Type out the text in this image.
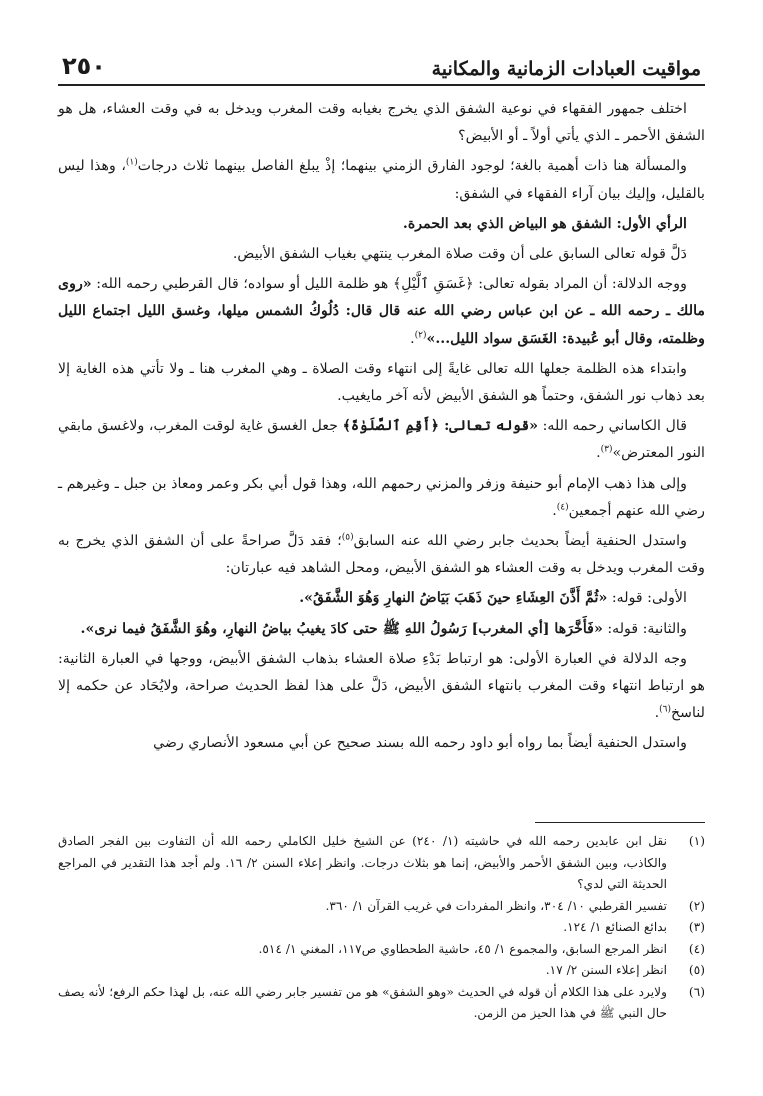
مواقيت العبادات الزمانية والمكانية
٢٥٠

اختلف جمهور الفقهاء في نوعية الشفق الذي يخرج بغيابه وقت المغرب ويدخل به في وقت العشاء، هل هو الشفق الأحمر ـ الذي يأتي أولاً ـ أو الأبيض؟

والمسألة هنا ذات أهمية بالغة؛ لوجود الفارق الزمني بينهما؛ إذْ يبلغ الفاصل بينهما ثلاث درجات$^{(١)}$، وهذا ليس بالقليل، وإليك بيان آراء الفقهاء في الشفق:

الرأي الأول: الشفق هو البياض الذي بعد الحمرة.

دَلَّ قوله تعالى السابق على أن وقت صلاة المغرب ينتهي بغياب الشفق الأبيض.

ووجه الدلالة: أن المراد بقوله تعالى: ﴿غَسَقِ ٱلَّيْلِ﴾ هو ظلمة الليل أو سواده؛ قال القرطبي رحمه الله: «روى مالك ـ رحمه الله ـ عن ابن عباس رضي الله عنه قال قال: دُلُوكُ الشمس ميلها، وغسق الليل اجتماع الليل وظلمته، وقال أبو عُبيدة: الغَسَق سواد الليل...»$^{(٢)}$.

وابتداء هذه الظلمة جعلها الله تعالى غايةً إلى انتهاء وقت الصلاة ـ وهي المغرب هنا ـ ولا تأتي هذه الغاية إلا بعد ذهاب نور الشفق، وحتماً هو الشفق الأبيض لأنه آخر مايغيب.

قال الكاساني رحمه الله: «قوله تعالى: ﴿أَقِمِ ٱلصَّلَوٰةَ﴾ جعل الغسق غاية لوقت المغرب، ولاغسق مابقي النور المعترض»$^{(٣)}$.

وإلى هذا ذهب الإمام أبو حنيفة وزفر والمزني رحمهم الله، وهذا قول أبي بكر وعمر ومعاذ بن جبل ـ وغيرهم ـ رضي الله عنهم أجمعين$^{(٤)}$.

واستدل الحنفية أيضاً بحديث جابر رضي الله عنه السابق$^{(٥)}$؛ فقد دَلَّ صراحةً على أن الشفق الذي يخرج به وقت المغرب ويدخل به وقت العشاء هو الشفق الأبيض، ومحل الشاهد فيه عبارتان:

الأولى: قوله: «ثُمَّ أَذَّنَ العِشَاءِ حينَ ذَهَبَ بَيَاضُ النهارِ وَهُوَ الشَّفَقُ».

والثانية: قوله: «فَأَخَّرَها [أي المغرب] رَسُولُ اللهِ ﷺ حتى كادَ يغيبُ بياضُ النهارِ، وهُوَ الشَّفَقُ فيما نرى».

وجه الدلالة في العبارة الأولى: هو ارتباط بَدْءِ صلاة العشاء بذهاب الشفق الأبيض، ووجها في العبارة الثانية: هو ارتباط انتهاء وقت المغرب بانتهاء الشفق الأبيض، دَلَّ على هذا لفظ الحديث صراحة، ولايُحَاد عن حكمه إلا لناسخ$^{(٦)}$.

واستدل الحنفية أيضاً بما رواه أبو داود رحمه الله بسند صحيح عن أبي مسعود الأنصاري رضي

(١)
نقل ابن عابدين رحمه الله في حاشيته (١/ ٢٤٠) عن الشيخ خليل الكاملي رحمه الله أن التفاوت بين الفجر الصادق والكاذب، وبين الشفق الأحمر والأبيض، إنما هو بثلاث درجات. وانظر إعلاء السنن ٢/ ١٦. ولم أجد هذا التقدير في المراجع الحديثة التي لدي؟
(٢)
تفسير القرطبي ١٠/ ٣٠٤، وانظر المفردات في غريب القرآن ١/ ٣٦٠.
(٣)
بدائع الصنائع ١/ ١٢٤.
(٤)
انظر المرجع السابق، والمجموع ١/ ٤٥، حاشية الطحطاوي ص١١٧، المغني ١/ ٥١٤.
(٥)
انظر إعلاء السنن ٢/ ١٧.
(٦)
ولايرد على هذا الكلام أن قوله في الحديث «وهو الشفق» هو من تفسير جابر رضي الله عنه، بل لهذا حكم الرفع؛ لأنه يصف حال النبي ﷺ في هذا الحيز من الزمن.
